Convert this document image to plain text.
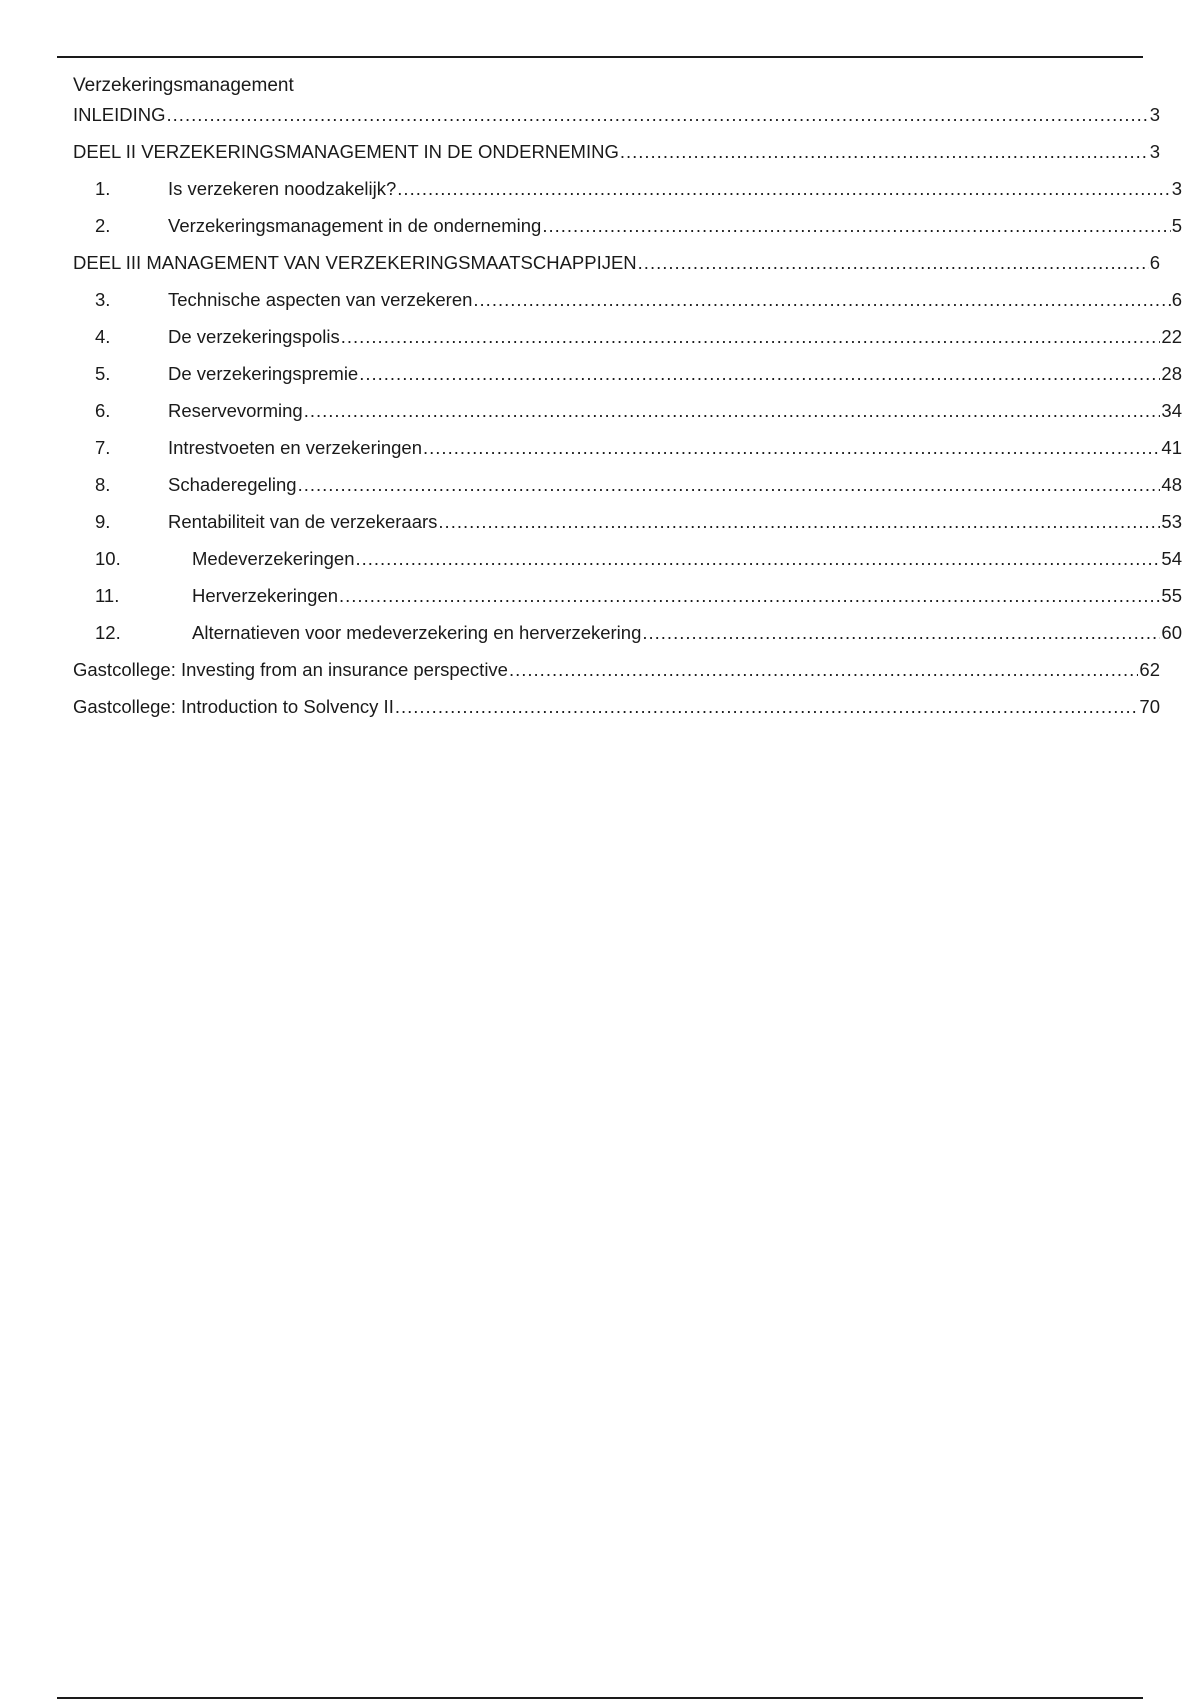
Verzekeringsmanagement
INLEIDING .....	3
DEEL II VERZEKERINGSMANAGEMENT IN DE ONDERNEMING .....	3
1.	Is verzekeren noodzakelijk? .....	3
2.	Verzekeringsmanagement in de onderneming .....	5
DEEL III MANAGEMENT VAN VERZEKERINGSMAATSCHAPPIJEN .....	6
3.	Technische aspecten van verzekeren .....	6
4.	De verzekeringspolis .....	22
5.	De verzekeringspremie .....	28
6.	Reservevorming .....	34
7.	Intrestvoeten en verzekeringen .....	41
8.	Schaderegeling .....	48
9.	Rentabiliteit van de verzekeraars .....	53
10.	Medeverzekeringen .....	54
11.	Herverzekeringen .....	55
12.	Alternatieven voor medeverzekering en herverzekering .....	60
Gastcollege: Investing from an insurance perspective .....	62
Gastcollege: Introduction to Solvency II .....	70
